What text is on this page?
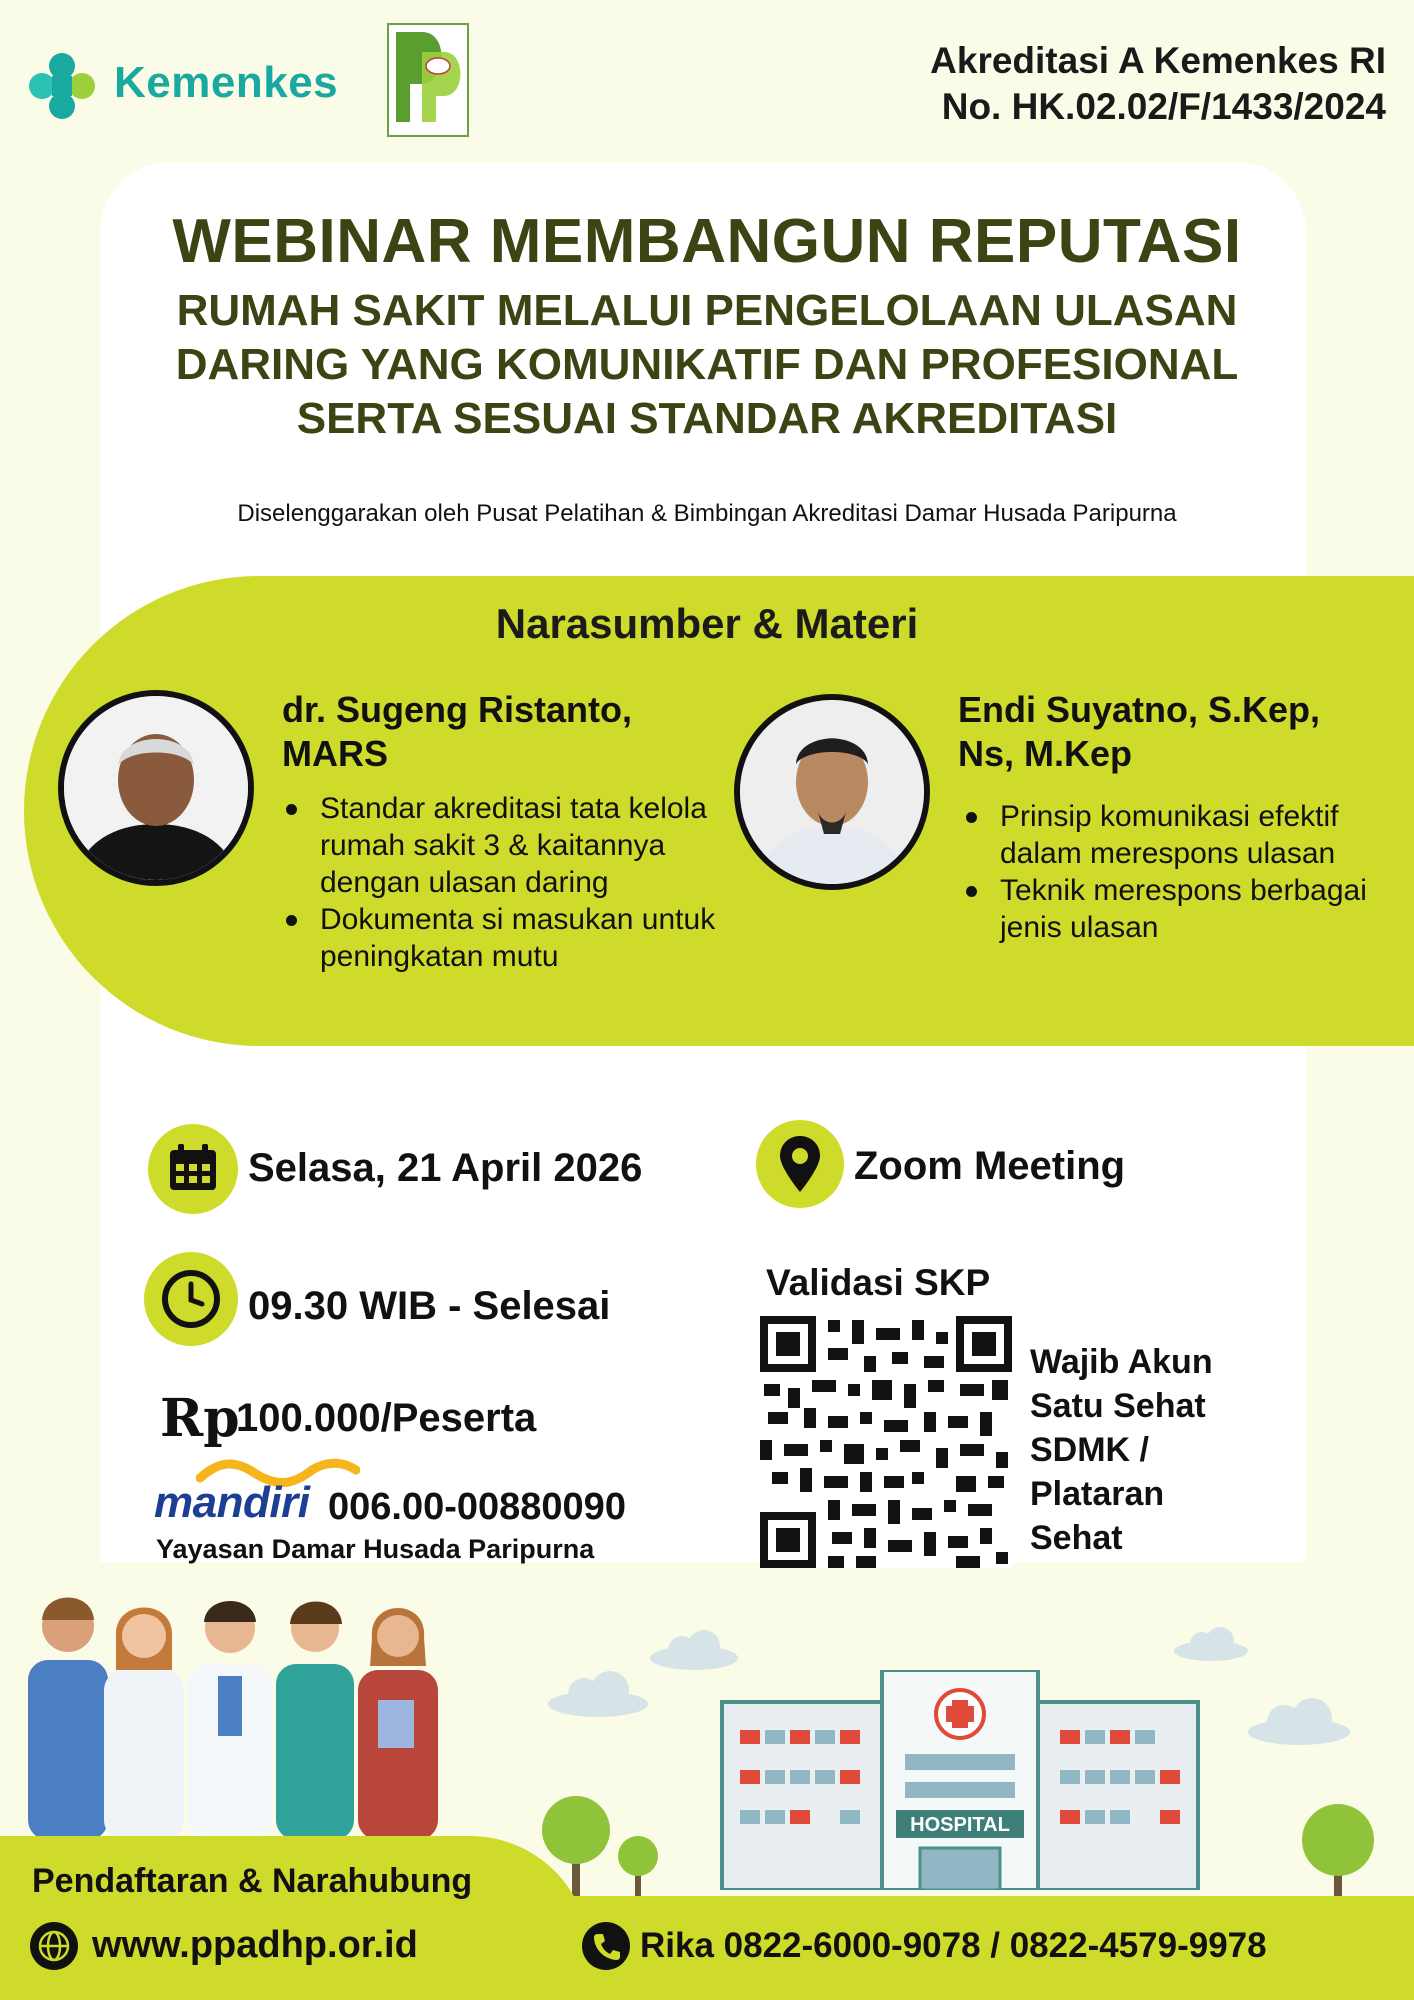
Kemenkes	Akreditasi A Kemenkes RI
No. HK.02.02/F/1433/2024
WEBINAR MEMBANGUN REPUTASI
RUMAH SAKIT MELALUI PENGELOLAAN ULASAN
DARING YANG KOMUNIKATIF DAN PROFESIONAL
SERTA SESUAI STANDAR AKREDITASI
Diselenggarakan oleh Pusat Pelatihan & Bimbingan Akreditasi Damar Husada Paripurna
Narasumber & Materi
dr. Sugeng Ristanto,
MARS
Standar akreditasi tata kelola rumah sakit 3 & kaitannya dengan ulasan daring
Dokumenta si masukan untuk peningkatan mutu
Endi Suyatno, S.Kep,
Ns, M.Kep
Prinsip komunikasi efektif dalam merespons ulasan
Teknik merespons berbagai jenis ulasan
Selasa, 21 April 2026	Zoom Meeting
09.30 WIB - Selesai
Rp
100.000/Peserta
mandiri 006.00-00880090
Yayasan Damar Husada Paripurna
Validasi SKP
Wajib Akun
Satu Sehat
SDMK /
Plataran
Sehat
HOSPITAL
Pendaftaran & Narahubung
www.ppadhp.or.id	Rika 0822-6000-9078 / 0822-4579-9978
